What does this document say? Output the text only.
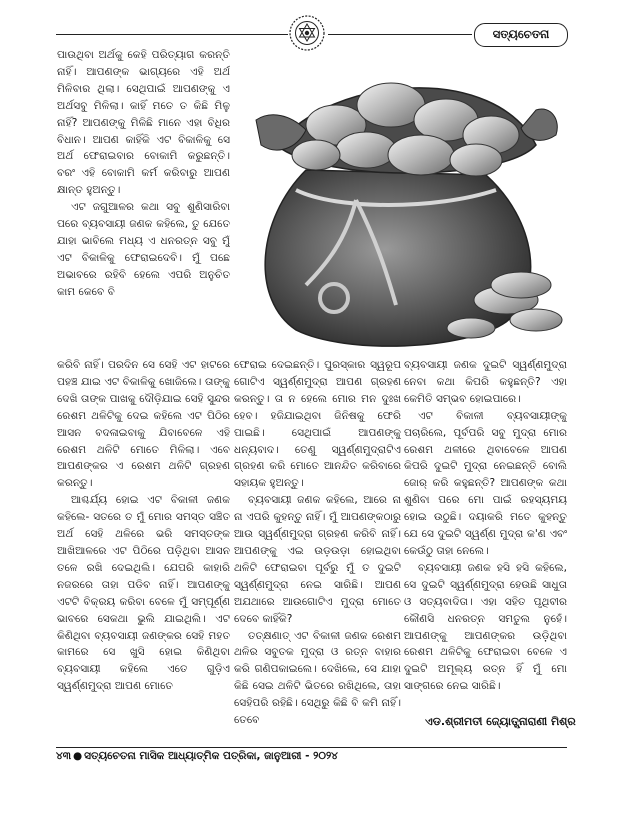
ସତ୍ୟଚେତନା

ପାଉଥିବା ଅର୍ଥକୁ କେହି ପରିତ୍ୟାଗ କରନ୍ତି ନାହିଁ। ଆପଣଙ୍କ ଭାଗ୍ୟରେ ଏହି ଅର୍ଥ ମିଳିବାର ଥିଲା। ସେଥିପାଇଁ ଆପଣଙ୍କୁ ଏ ଅର୍ଥସବୁ ମିଳିଲା। କାହିଁ ମତେ ତ କିଛି ମିଳୁ ନାହିଁ? ଆପଣଙ୍କୁ ମିଳିଛି ମାନେ ଏହା ବିଧିର ବିଧାନ। ଆପଣ କାହିଁକି ଏଟ ବିକାଳିକୁ ସେ ଅର୍ଥ ଫେରାଇବାର ବୋକାମି କରୁଛନ୍ତି। ବରଂ ଏହି ବୋକାମି କର୍ମ କରିବାରୁ ଆପଣ କ୍ଷାନ୍ତ ହୁଅନ୍ତୁ।

ଏଟ ଜଗୁଆଳର କଥା ସବୁ ଶୁଣିସାରିବା ପରେ ବ୍ୟବସାୟୀ ଜଣକ କହିଲେ, ତୁ ଯେତେ ଯାହା ଭାବିଲେ ମଧ୍ୟ ଏ ଧନରତ୍ନ ସବୁ ମୁଁ ଏଟ ବିକାଳିକୁ ଫେରାଇଦେବି। ମୁଁ ପଛେ ଅଭାବରେ ରହିବି ହେଲେ ଏପରି ଅନୁଚିତ କାମ କେବେ ବି

କରିବି ନାହିଁ। ପରଦିନ ସେ ସେହି ଏଟ ହାଟରେ ପହଞ୍ଚ ଯାଇ ଏଟ ବିକାଳିକୁ ଖୋଜିଲେ। ତାଙ୍କୁ ଦେଖି ତାଙ୍କ ପାଖକୁ ଦୌଡ଼ିଯାଇ ସେହି ସୁନ୍ଦର ରେଶମ ଥଳିଟିକୁ ଦେଇ କହିଲେ ଏଟ ପିଠିର ଆସନ ବଦଳାଇବାକୁ ଯିବାବେଳେ ଏହି ରେଶମ ଥଳିଟି ମୋତେ ମିଳିଲା। ଏବେ ଆପଣଙ୍କର ଏ ରେଶମ ଥଳିଟି ଗ୍ରହଣ କରନ୍ତୁ।

ଆଶ୍ଚର୍ଯ୍ୟ ହୋଇ ଏଟ ବିକାଳୀ ଜଣକ କହିଲେ- ସତରେ ତ ମୁଁ ମୋର ସମସ୍ତ ସଞ୍ଚିତ ଅର୍ଥ ସେହି ଥଳିରେ ଭରି ସମସ୍ତଙ୍କ ଆଖିଆଳରେ ଏଟ ପିଠିରେ ପଡ଼ିଥିବା ଆସନ ତଳେ ରଖି ଦେଇଥିଲି। ଯେପରି କାହାରି ନଜରରେ ତାହା ପଡିବ ନାହିଁ। ଆପଣଙ୍କୁ ଏଟଟି ବିକ୍ରୟ କରିବା ବେଳେ ମୁଁ ସମ୍ପୂର୍ଣ୍ଣ ଭାବରେ ସେକଥା ଭୁଲି ଯାଇଥିଲି। ଏଟ କିଣିଥିବା ବ୍ୟବସାୟୀ ଜଣଙ୍କର ସେହି ମହତ କାମରେ ସେ ଖୁସି ହୋଇ କିଣିଥିବା ବ୍ୟବସାୟୀ କହିଲେ ଏତେ ଗୁଡ଼ିଏ ସ୍ୱର୍ଣ୍ଣମୁଦ୍ରା ଆପଣ ମୋତେ

ଫେରାଇ ଦେଇଛନ୍ତି। ପୁରସ୍କାର ସ୍ୱରୂପ ଗୋଟିଏ ସ୍ୱର୍ଣ୍ଣମୁଦ୍ରା ଆପଣ ଗ୍ରହଣ କରନ୍ତୁ। ତା ନ ହେଲେ ମୋର ମନ ଦୁଃଖ ହେବ। ହଜିଯାଇଥିବା ଜିନିଷକୁ ଫେରି ପାଇଛି। ସେଥିପାଇଁ ଆପଣଙ୍କୁ ଧନ୍ୟବାଦ। ତେଣୁ ସ୍ୱର୍ଣ୍ଣମୁଦ୍ରାଟିଏ ଗ୍ରହଣ କରି ମୋତେ ଆନନ୍ଦିତ କରିବାରେ ସହାୟକ ହୁଅନ୍ତୁ।

ବ୍ୟବସାୟୀ ଜଣକ କହିଲେ, ଆରେ ନା ନା ଏପରି କୁହନ୍ତୁ ନାହିଁ। ମୁଁ ଆପଣଙ୍କଠାରୁ ଆଉ ସ୍ୱର୍ଣ୍ଣମୁଦ୍ରା ଗ୍ରହଣ କରିବି ନାହିଁ। ଆପଣଙ୍କୁ ଏଇ ଉଡ଼ଉଡ଼ା ହୋଇଥିବା ଥଳିଟି ଫେରାଇବା ପୂର୍ବରୁ ମୁଁ ତ ଦୁଇଟି ସ୍ୱର୍ଣ୍ଣମୁଦ୍ରା ନେଇ ସାରିଛି। ଆପଣ ଅଯଥାରେ ଆଉଗୋଟିଏ ମୁଦ୍ରା ମୋତେ ଦେବେ କାହିଁକି?

ତତ୍‌କ୍ଷଣାତ୍ ଏଟ ବିକାଳୀ ଜଣକ ରେଶମ ଥଳିର ସବୁତକ ମୁଦ୍ରା ଓ ରତ୍ନ ବାହାର କରି ଗଣିପକାଇଲେ। ଦେଖିଲେ, ସେ ଯାହା କିଛି ସେଇ ଥଳିଟି ଭିତରେ ରଖିଥିଲେ, ତାହା ସେହିପରି ରହିଛି। ସେଥିରୁ କିଛି ବି କମି ନାହିଁ। ତେବେ

ବ୍ୟବସାୟୀ ଜଣକ ଦୁଇଟି ସ୍ୱର୍ଣ୍ଣମୁଦ୍ରା ନେବା କଥା କିପରି କହୁଛନ୍ତି? ଏହା କେମିତି ସମ୍ଭବ ହୋଇପାରେ।

ଏଟ ବିକାଳୀ ବ୍ୟବସାୟୀଙ୍କୁ ପଚାରିଲେ, ପୂର୍ବପରି ସବୁ ମୁଦ୍ରା ମୋର ରେଶମ ଥଳୀରେ ଥିବାବେଳେ ଆପଣ କିପରି ଦୁଇଟି ମୁଦ୍ରା ନେଇଛନ୍ତି ବୋଲି ଜୋର୍ କରି କହୁଛନ୍ତି? ଆପଣଙ୍କ କଥା ଶୁଣିବା ପରେ ମୋ ପାଇଁ ରହସ୍ୟମୟ ହୋଇ ଉଠୁଛି। ଦୟାକରି ମତେ କୁହନ୍ତୁ ଯେ ସେ ଦୁଇଟି ସ୍ୱର୍ଣ୍ଣ ମୁଦ୍ରା କ'ଣ ଏବଂ କେଉଁଠୁ ତାହା ନେଲେ।

ବ୍ୟବସାୟୀ ଜଣକ ହସି ହସି କହିଲେ, ସେ ଦୁଇଟି ସ୍ୱର୍ଣ୍ଣମୁଦ୍ରା ହେଉଛି ସାଧୁତା ଓ ସତ୍ୟବାଦିତା। ଏହା ସହିତ ପୃଥିବୀର କୌଣସି ଧନରତ୍ନ ସମତୁଲ ନୁହେଁ। ଆପଣଙ୍କୁ ଆପଣଙ୍କର ଉଡ଼ିଥିବା ରେଶମ ଥଳିଟିକୁ ଫେରାଇବା ବେଳେ ଏ ଦୁଇଟି ଅମୂଲ୍ୟ ରତ୍ନ ହିଁ ମୁଁ ମୋ ସାଙ୍ଗରେ ନେଇ ସାରିଛି।

ଏଡ.ଶ୍ରୀମତୀ ଜ୍ୟୋତ୍ସ୍ନାରାଣୀ ମିଶ୍ର
୪୩ ● ସତ୍ୟଚେତନା ମାସିକ ଆଧ୍ୟାତ୍ମିକ ପତ୍ରିକା, ଜାନୁଆରୀ - ୨୦୨୪
